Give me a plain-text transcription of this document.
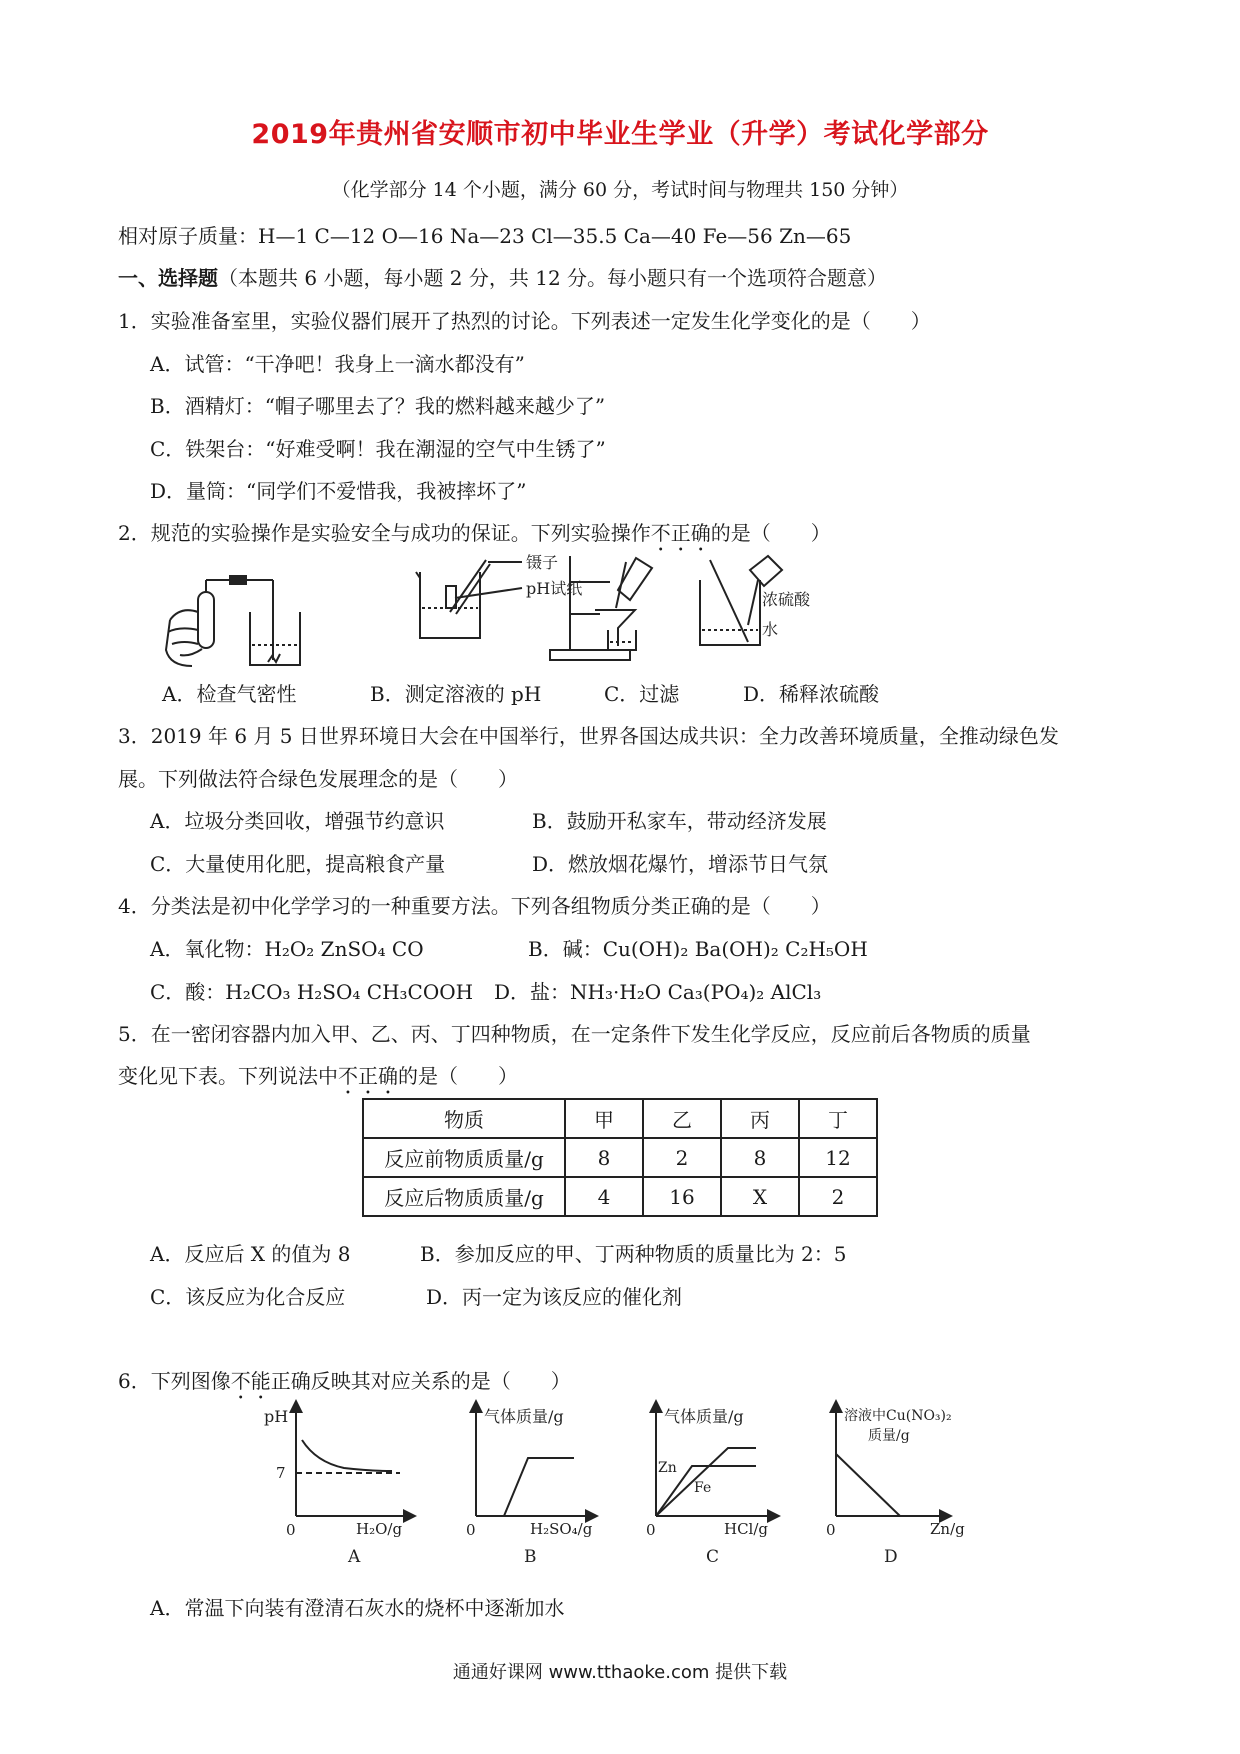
2019年贵州省安顺市初中毕业生学业（升学）考试化学部分
（化学部分 14 个小题，满分 60 分，考试时间与物理共 150 分钟）
相对原子质量：H—1 C—12 O—16 Na—23 Cl—35.5 Ca—40 Fe—56 Zn—65
一、选择题（本题共 6 小题，每小题 2 分，共 12 分。每小题只有一个选项符合题意）
1．实验准备室里，实验仪器们展开了热烈的讨论。下列表述一定发生化学变化的是（　　）
A．试管：“干净吧！我身上一滴水都没有”
B．酒精灯：“帽子哪里去了？我的燃料越来越少了”
C．铁架台：“好难受啊！我在潮湿的空气中生锈了”
D．量筒：“同学们不爱惜我，我被摔坏了”
2．规范的实验操作是实验安全与成功的保证。下列实验操作不正确的是（　　）
镊子
pH试纸
浓硫酸
水
A．检查气密性	B．测定溶液的 pH	C．过滤	D．稀释浓硫酸
3．2019 年 6 月 5 日世界环境日大会在中国举行，世界各国达成共识：全力改善环境质量，全推动绿色发
展。下列做法符合绿色发展理念的是（　　）
A．垃圾分类回收，增强节约意识	B．鼓励开私家车，带动经济发展
C．大量使用化肥，提高粮食产量	D．燃放烟花爆竹，增添节日气氛
4．分类法是初中化学学习的一种重要方法。下列各组物质分类正确的是（　　）
A．氧化物：H₂O₂ ZnSO₄ CO	B．碱：Cu(OH)₂ Ba(OH)₂ C₂H₅OH
C．酸：H₂CO₃ H₂SO₄ CH₃COOH D．盐：NH₃·H₂O Ca₃(PO₄)₂ AlCl₃
5．在一密闭容器内加入甲、乙、丙、丁四种物质，在一定条件下发生化学反应，反应前后各物质的质量
变化见下表。下列说法中不正确的是（　　）
物质	甲	乙	丙	丁
反应前物质质量/g	8	2	8	12
反应后物质质量/g	4	16	X	2
A．反应后 X 的值为 8	B．参加反应的甲、丁两种物质的质量比为 2：5
C．该反应为化合反应	D．丙一定为该反应的催化剂
6．下列图像不能正确反映其对应关系的是（　　）
pH
7
0	H₂O/g
A
气体质量/g
0	H₂SO₄/g
B
气体质量/g
Zn
Fe
0	HCl/g
C
溶液中Cu(NO₃)₂
质量/g
0	Zn/g
D
A．常温下向装有澄清石灰水的烧杯中逐渐加水
通通好课网 www.tthaoke.com 提供下载
